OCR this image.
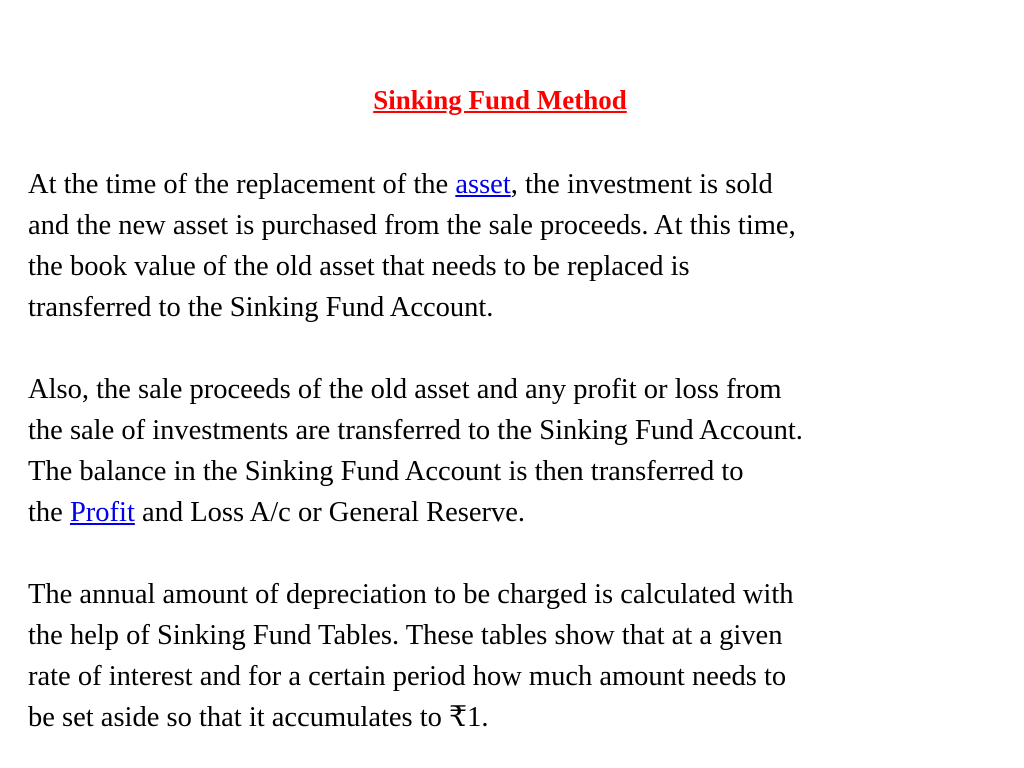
Sinking Fund Method

At the time of the replacement of the asset, the investment is sold
and the new asset is purchased from the sale proceeds. At this time,
the book value of the old asset that needs to be replaced is
transferred to the Sinking Fund Account.

Also, the sale proceeds of the old asset and any profit or loss from
the sale of investments are transferred to the Sinking Fund Account.
The balance in the Sinking Fund Account is then transferred to
the Profit and Loss A/c or General Reserve.

The annual amount of depreciation to be charged is calculated with
the help of Sinking Fund Tables. These tables show that at a given
rate of interest and for a certain period how much amount needs to
be set aside so that it accumulates to ₹1.
